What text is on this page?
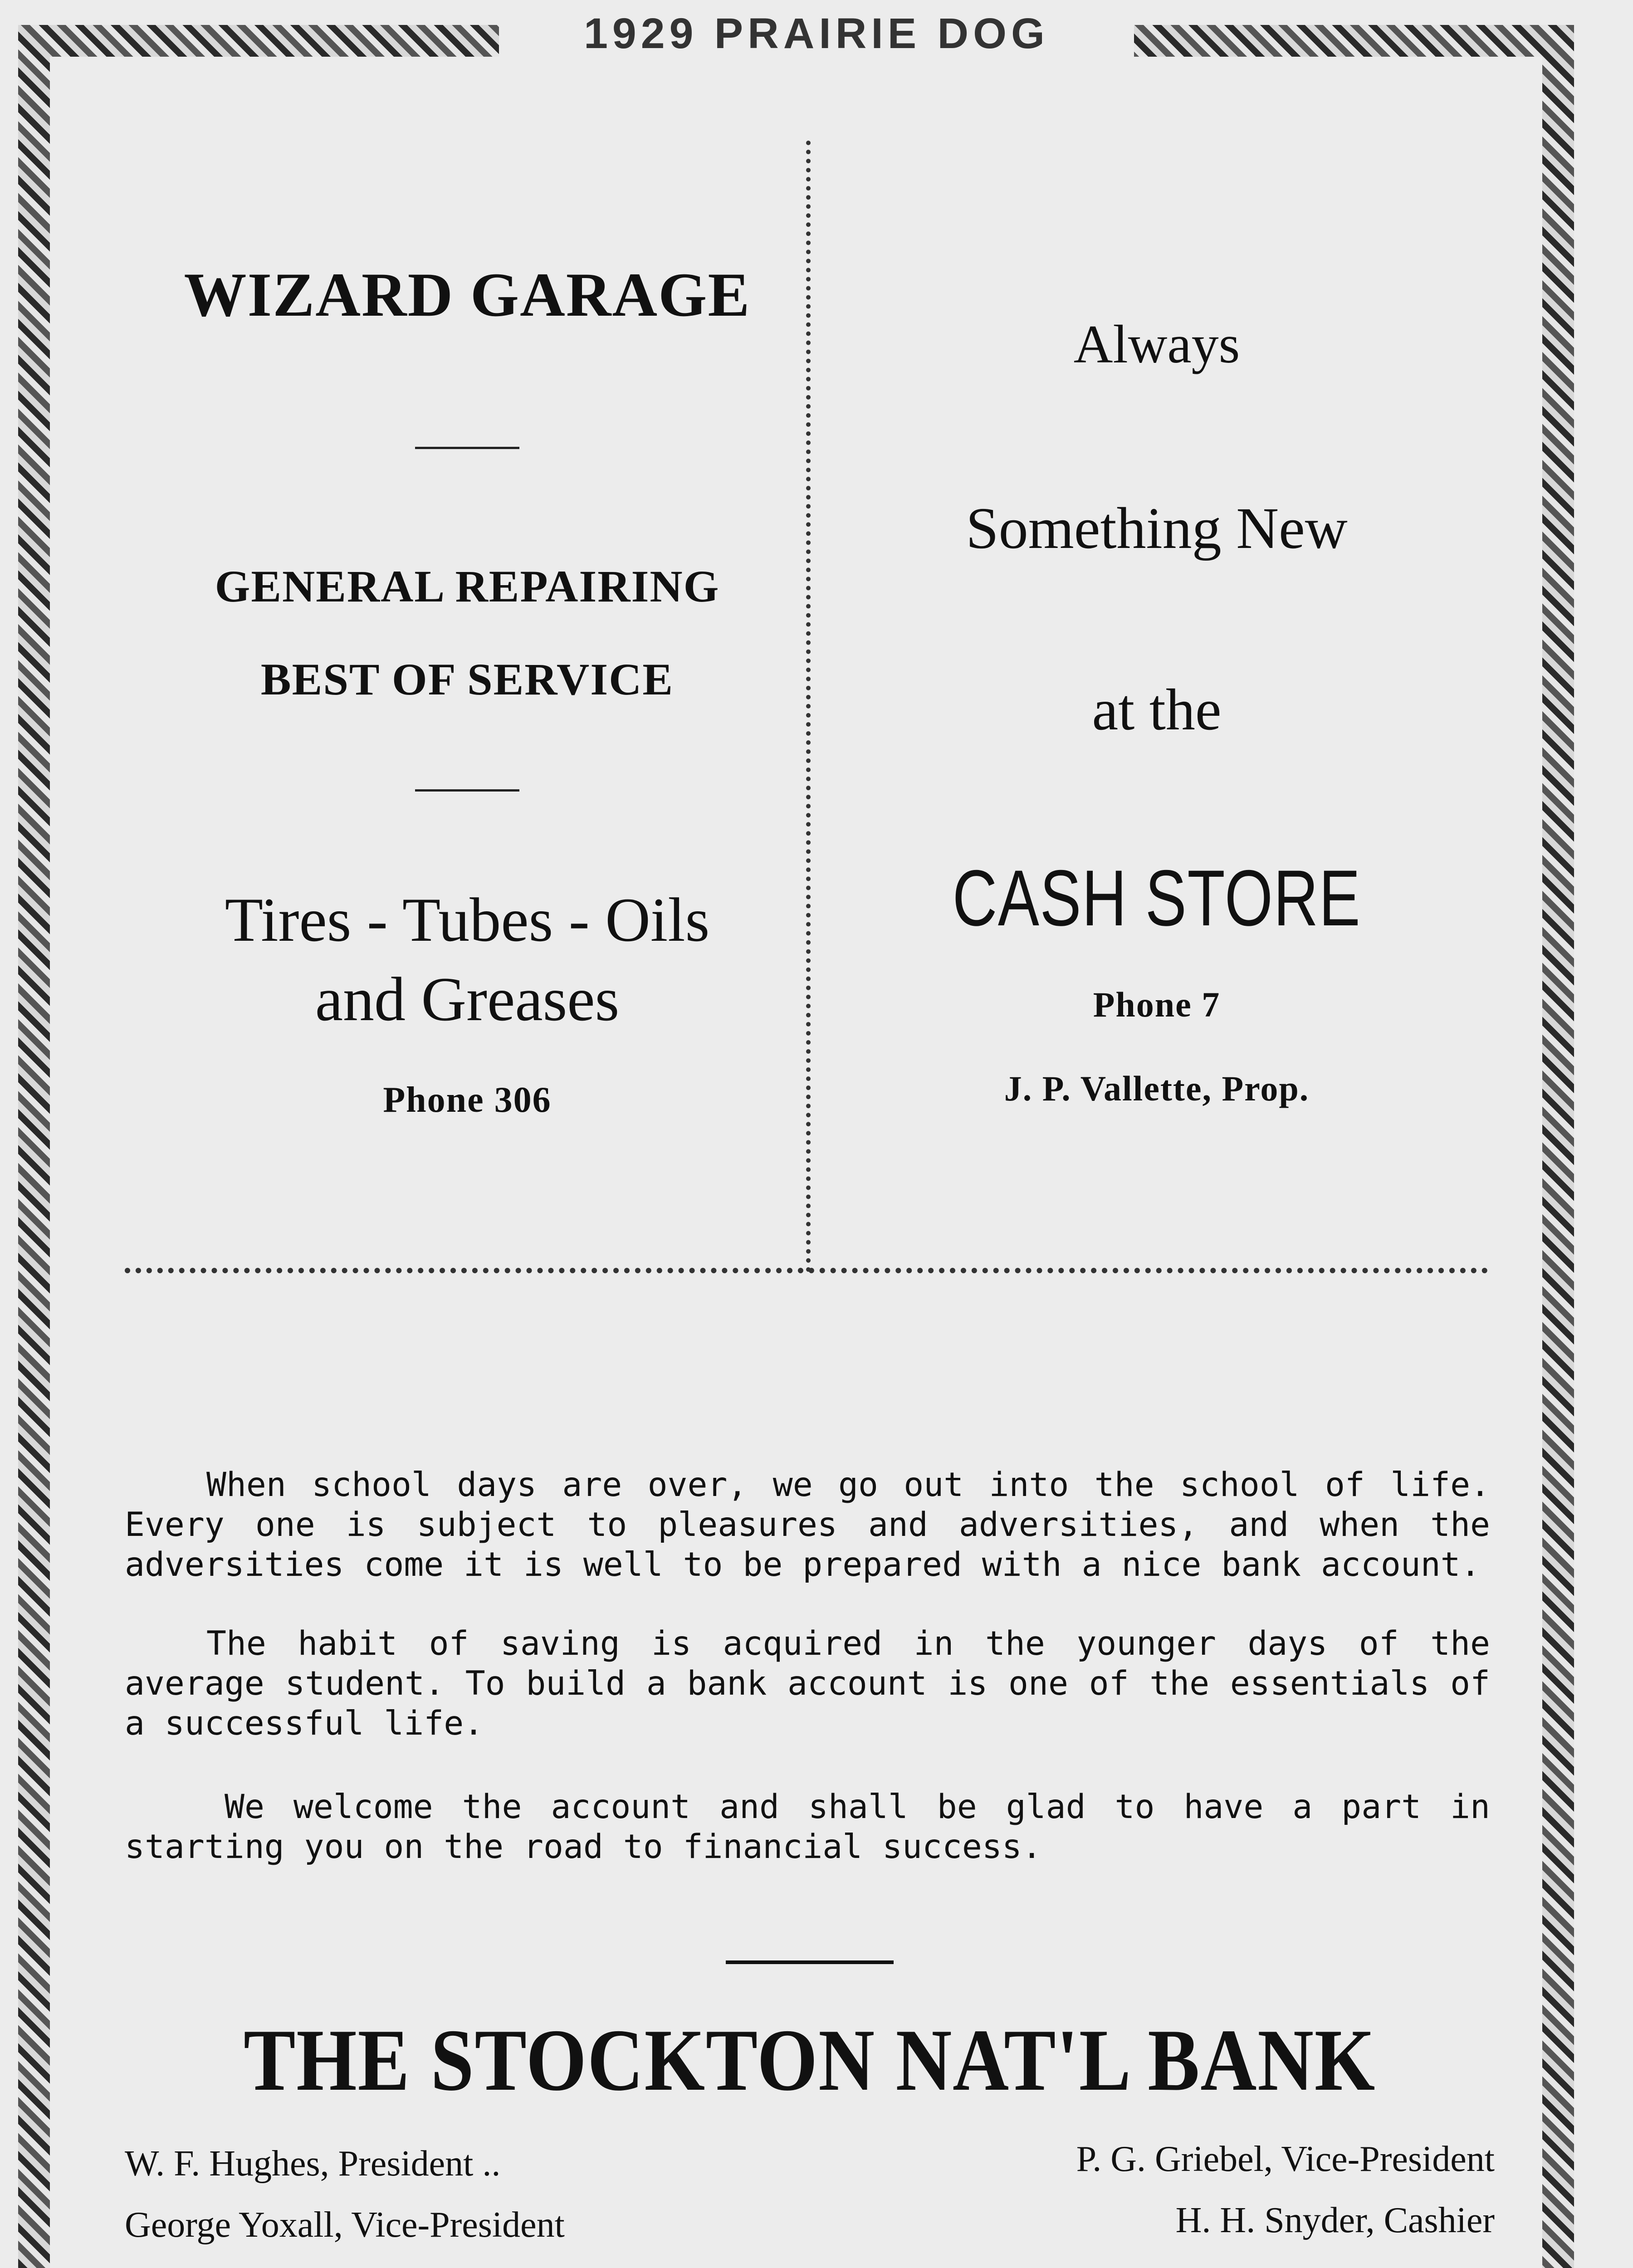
1929 PRAIRIE DOG
WIZARD GARAGE
GENERAL REPAIRING
BEST OF SERVICE
Tires - Tubes - Oils
and Greases
Phone 306
Always
Something New
at the
CASH STORE
Phone 7
J. P. Vallette, Prop.
When school days are over, we go out into the school of life. Every one is subject to pleasures and adversities, and when the adversities come it is well to be prepared with a nice bank account.
The habit of saving is acquired in the younger days of the average student. To build a bank account is one of the essentials of a successful life.
We welcome the account and shall be glad to have a part in starting you on the road to financial success.
THE STOCKTON NAT'L BANK
W. F. Hughes, President ..
George Yoxall, Vice-President
P. G. Griebel, Vice-President
H. H. Snyder, Cashier
